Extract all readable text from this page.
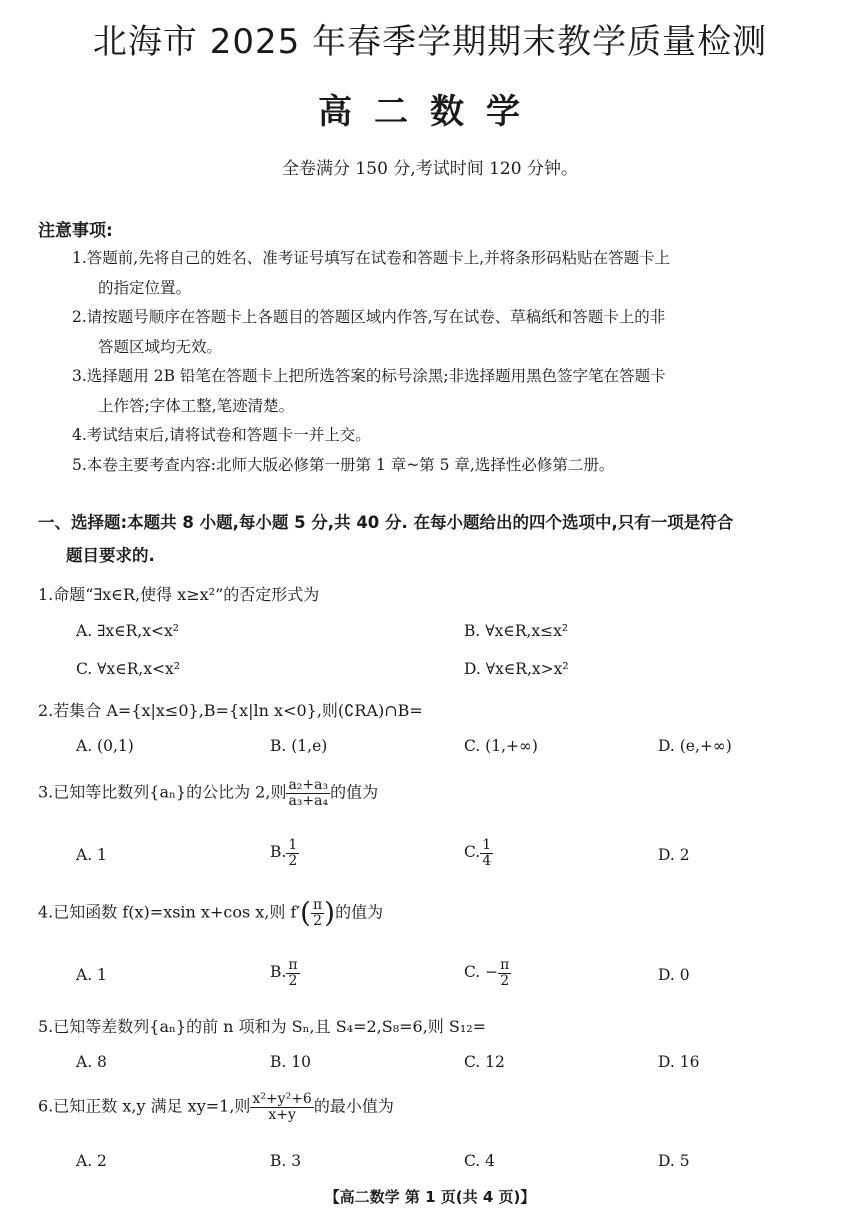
北海市 2025 年春季学期期末教学质量检测
高二数学
全卷满分 150 分,考试时间 120 分钟。
注意事项:
1.答题前,先将自己的姓名、准考证号填写在试卷和答题卡上,并将条形码粘贴在答题卡上
的指定位置。
2.请按题号顺序在答题卡上各题目的答题区域内作答,写在试卷、草稿纸和答题卡上的非
答题区域均无效。
3.选择题用 2B 铅笔在答题卡上把所选答案的标号涂黑;非选择题用黑色签字笔在答题卡
上作答;字体工整,笔迹清楚。
4.考试结束后,请将试卷和答题卡一并上交。
5.本卷主要考查内容:北师大版必修第一册第 1 章~第 5 章,选择性必修第二册。
一、选择题:本题共 8 小题,每小题 5 分,共 40 分. 在每小题给出的四个选项中,只有一项是符合
题目要求的.
1.命题“∃x∈R,使得 x≥x²”的否定形式为
A. ∃x∈R,x<x²	B. ∀x∈R,x≤x²
C. ∀x∈R,x<x²	D. ∀x∈R,x>x²
2.若集合 A={x|x≤0},B={x|ln x<0},则(∁RA)∩B=
A. (0,1)	B. (1,e)	C. (1,+∞)	D. (e,+∞)
3.已知等比数列{aₙ}的公比为 2,则 $\frac{\text{a₂+a₃}}{\text{a₃+a₄}}$ 的值为
A. 1	B. $\frac{1}{2}$	C. $\frac{1}{4}$	D. 2
4.已知函数 f(x)=xsin x+cos x,则 $f'( \frac{\pi}{2}$ )的值为
A. 1	B. $\frac{\pi}{2}$	C. − $\frac{\pi}{2}$	D. 0
5.已知等差数列{aₙ}的前 n 项和为 Sₙ,且 S₄=2,S₈=6,则 S₁₂=
A. 8	B. 10	C. 12	D. 16
6.已知正数 x,y 满足 xy=1,则 $\frac{\text{x²+y²+6}}{x+y}$ 的最小值为
A. 2	B. 3	C. 4	D. 5
【高二数学 第 1 页(共 4 页)】
